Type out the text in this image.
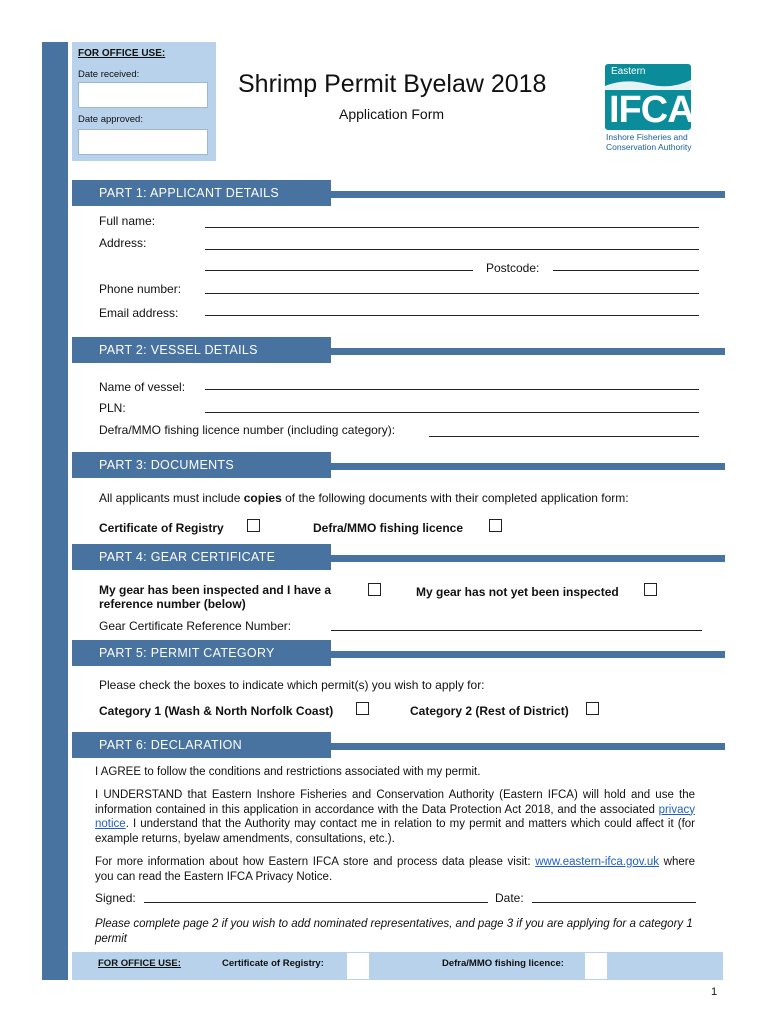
FOR OFFICE USE:
Date received:
Date approved:
Shrimp Permit Byelaw 2018
Application Form
Eastern
IFCA
Inshore Fisheries and
Conservation Authority
PART 1: APPLICANT DETAILS
Full name:
Address:
Postcode:
Phone number:
Email address:
PART 2: VESSEL DETAILS
Name of vessel:
PLN:
Defra/MMO fishing licence number (including category):
PART 3: DOCUMENTS
All applicants must include copies of the following documents with their completed application form:
Certificate of Registry	Defra/MMO fishing licence
PART 4: GEAR CERTIFICATE
My gear has been inspected and I have a
reference number (below)
My gear has not yet been inspected
Gear Certificate Reference Number:
PART 5: PERMIT CATEGORY
Please check the boxes to indicate which permit(s) you wish to apply for:
Category 1 (Wash & North Norfolk Coast)	Category 2 (Rest of District)
PART 6: DECLARATION
I AGREE to follow the conditions and restrictions associated with my permit.
I UNDERSTAND that Eastern Inshore Fisheries and Conservation Authority (Eastern IFCA) will hold and use the information contained in this application in accordance with the Data Protection Act 2018, and the associated privacy notice. I understand that the Authority may contact me in relation to my permit and matters which could affect it (for example returns, byelaw amendments, consultations, etc.).
For more information about how Eastern IFCA store and process data please visit: www.eastern-ifca.gov.uk where you can read the Eastern IFCA Privacy Notice.
Signed:	Date:
Please complete page 2 if you wish to add nominated representatives, and page 3 if you are applying for a category 1 permit
FOR OFFICE USE:	Certificate of Registry:	Defra/MMO fishing licence:
1
